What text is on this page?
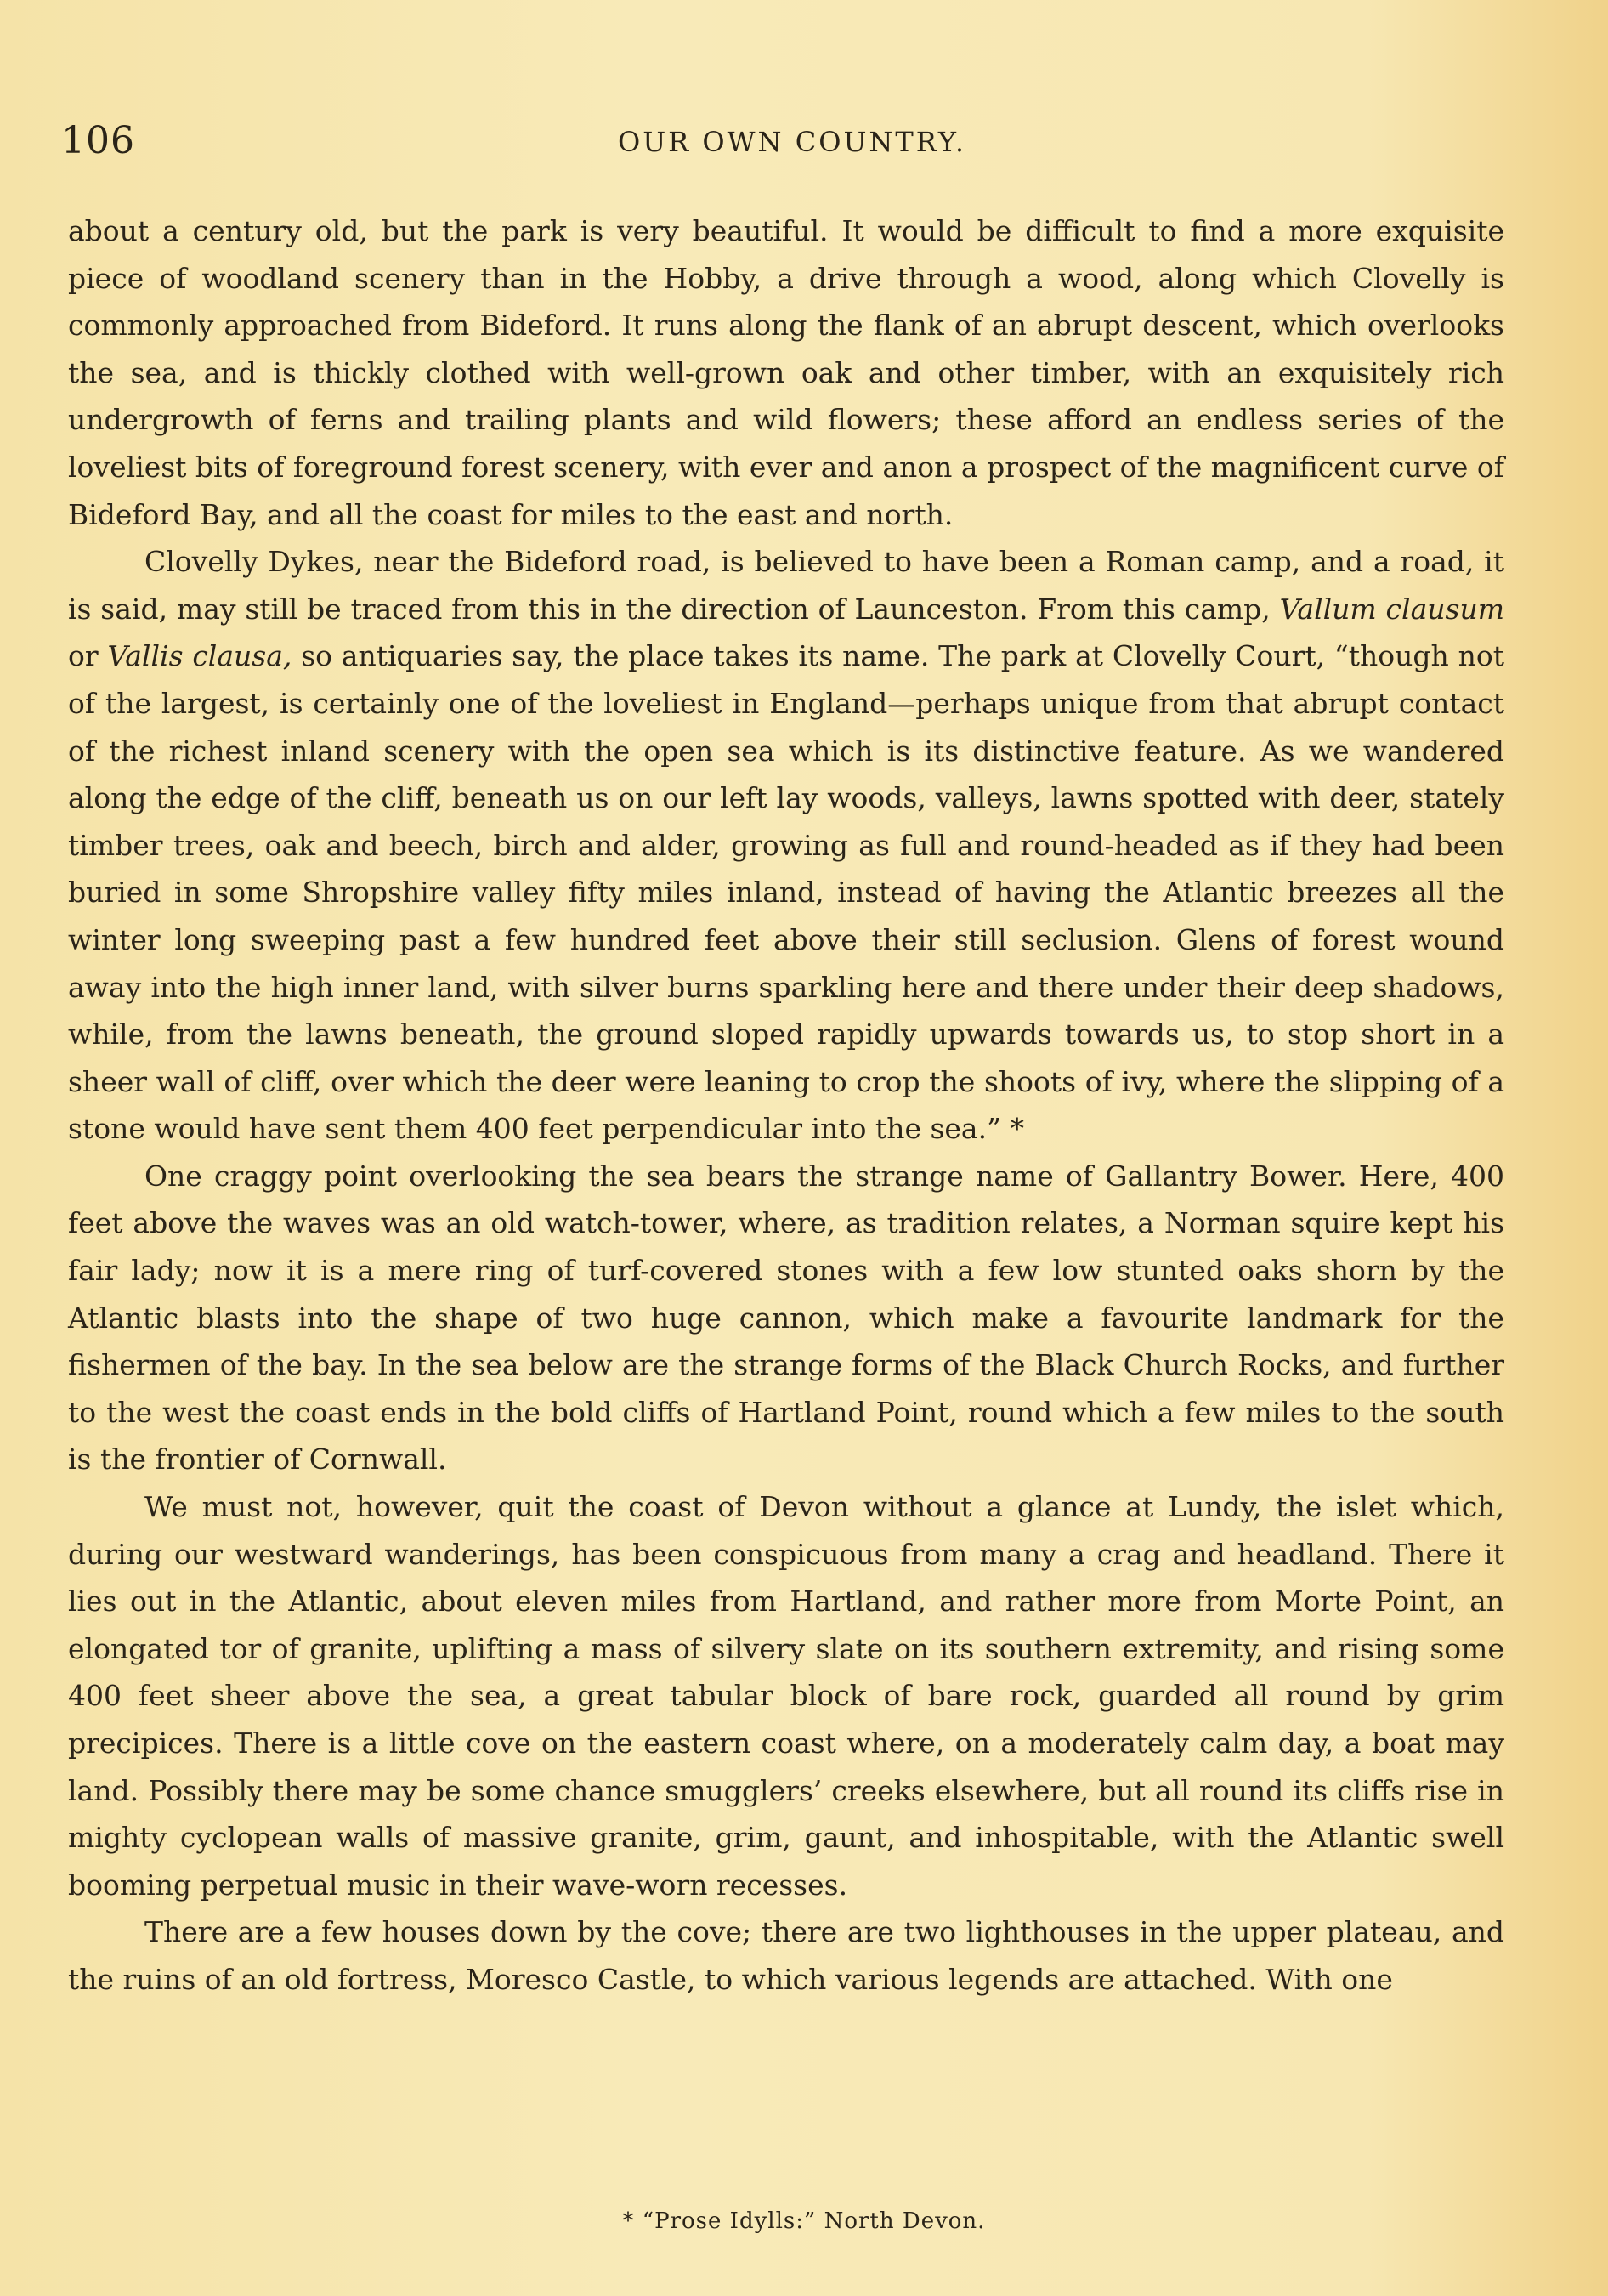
106	OUR OWN COUNTRY.

about a century old, but the park is very beautiful. It would be difficult to find a more exquisite piece of woodland scenery than in the Hobby, a drive through a wood, along which Clovelly is commonly approached from Bideford. It runs along the flank of an abrupt descent, which overlooks the sea, and is thickly clothed with well-grown oak and other timber, with an exquisitely rich undergrowth of ferns and trailing plants and wild flowers; these afford an endless series of the loveliest bits of foreground forest scenery, with ever and anon a prospect of the magnificent curve of Bideford Bay, and all the coast for miles to the east and north.

Clovelly Dykes, near the Bideford road, is believed to have been a Roman camp, and a road, it is said, may still be traced from this in the direction of Launceston. From this camp, Vallum clausum or Vallis clausa, so antiquaries say, the place takes its name. The park at Clovelly Court, “though not of the largest, is certainly one of the loveliest in England—perhaps unique from that abrupt contact of the richest inland scenery with the open sea which is its distinctive feature. As we wandered along the edge of the cliff, beneath us on our left lay woods, valleys, lawns spotted with deer, stately timber trees, oak and beech, birch and alder, growing as full and round-headed as if they had been buried in some Shropshire valley fifty miles inland, instead of having the Atlantic breezes all the winter long sweeping past a few hundred feet above their still seclusion. Glens of forest wound away into the high inner land, with silver burns sparkling here and there under their deep shadows, while, from the lawns beneath, the ground sloped rapidly upwards towards us, to stop short in a sheer wall of cliff, over which the deer were leaning to crop the shoots of ivy, where the slipping of a stone would have sent them 400 feet perpendicular into the sea.” *

One craggy point overlooking the sea bears the strange name of Gallantry Bower. Here, 400 feet above the waves was an old watch-tower, where, as tradition relates, a Norman squire kept his fair lady; now it is a mere ring of turf-covered stones with a few low stunted oaks shorn by the Atlantic blasts into the shape of two huge cannon, which make a favourite landmark for the fishermen of the bay. In the sea below are the strange forms of the Black Church Rocks, and further to the west the coast ends in the bold cliffs of Hartland Point, round which a few miles to the south is the frontier of Cornwall.

We must not, however, quit the coast of Devon without a glance at Lundy, the islet which, during our westward wanderings, has been conspicuous from many a crag and headland. There it lies out in the Atlantic, about eleven miles from Hartland, and rather more from Morte Point, an elongated tor of granite, uplifting a mass of silvery slate on its southern extremity, and rising some 400 feet sheer above the sea, a great tabular block of bare rock, guarded all round by grim precipices. There is a little cove on the eastern coast where, on a moderately calm day, a boat may land. Possibly there may be some chance smugglers’ creeks elsewhere, but all round its cliffs rise in mighty cyclopean walls of massive granite, grim, gaunt, and inhospitable, with the Atlantic swell booming perpetual music in their wave-worn recesses.

There are a few houses down by the cove; there are two lighthouses in the upper plateau, and the ruins of an old fortress, Moresco Castle, to which various legends are attached. With one

* “Prose Idylls:” North Devon.
